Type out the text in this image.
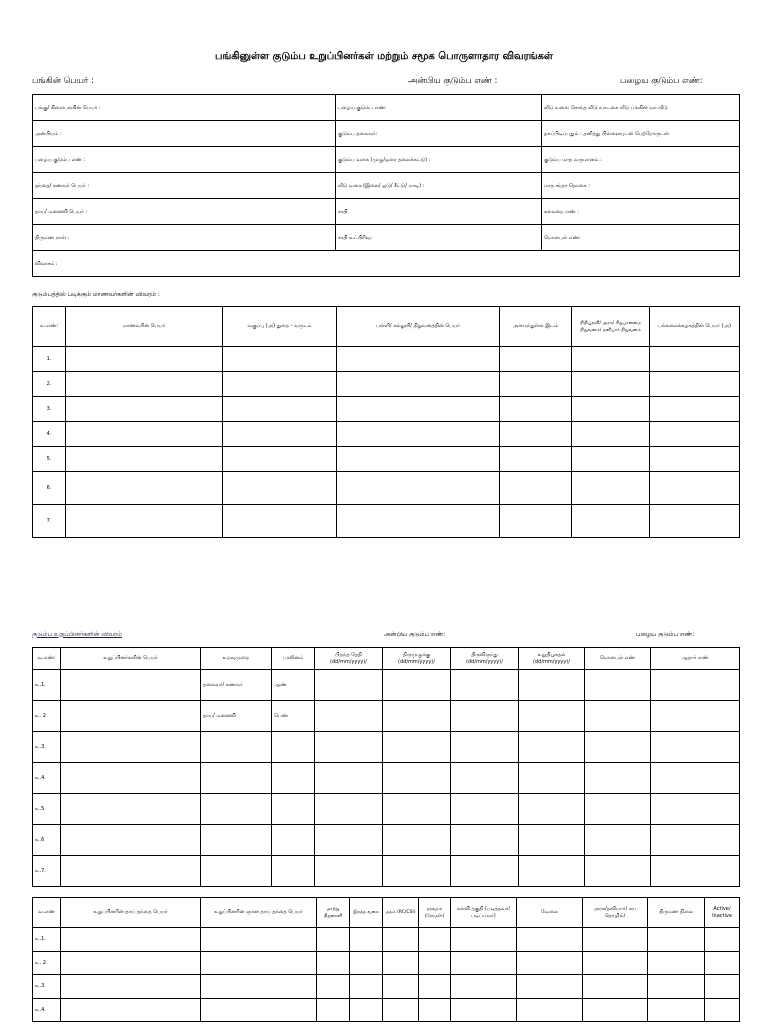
பங்கினுள்ள குடும்ப உறுப்பினர்கள் மற்றும் சமூக பொருளாதார விவரங்கள்
பங்கின் பெயர் :	அன்பிய குடும்ப எண் :	பழைய குடும்ப எண்:
பங்கு/ கிளைபங்கின் பெயர் :	பழைய குடும்ப எண்:	வீடு வகை: சொந்த வீடு வாடகை வீடு பங்கின் வா.வீடு
அன்பியம் :	குடும்ப தலைவர்:	தகப்பிடிப்பதும் : தனித்து பிள்ளையுடன் பெற்றோருடன்
பழைய குடும்ப எண் :	குடும்ப வகை (முழு/ஒரை தலைக்கட்டு) :	குடும்ப மாத வருமானம் :
தந்தை/ கணவர் பெயர் :	வீடு வகை (இலை/ ஓடு/ சீட்டு/ மாடி) :	மாத சந்தா தொகை :
தாய்/ மனைவி பெயர் :	சாதி	கல்லறை எண் :
திருமண நாள் :	சாதி உட்பிரிவு:	மொபைல் எண்:
விலாசம் :		
குடும்பத்தில் படிக்கும் மாணவர்களின் விவரம் :
வ.எண்:	மாணவரின் பெயர்	வகுப்பு (அ) துறை - வருடம்	பள்ளி/ கல்லூரி/ நிறுவனத்தின் பெயர்	அமைந்துள்ள இடம்	நிதியுதவி/ அரசு/ சிறுபான்மை நிறுவனம்/ தனியார் நிறுவனம்	பல்கலைக்கழகத்தின் பெயர் (அ)
1.						
2.						
3.						
4.						
5.						
6.						
7.						
குடும்ப உறுப்பினர்களின் விவரம்	அன்பிய குடும்ப எண்:	பழைய குடும்ப எண்:
வ.எண்:	உறுப்பினர்களின் பெயர்	உறவுமுறை	பாலினம்	பிறந்த தேதி (dd/mm/yyyy)/	திருமுழுக்கு (dd/mm/yyyy)/	திருவிருந்து (dd/mm/yyyy)/	உறுதிபூசுதல் (dd/mm/yyyy)/	மொபைல் எண்	ஆதார் எண்
உ.1.		தலைவர்/ கணவர்	ஆண்						
உ. 2		தாய்/ மனைவி	பெண்						
உ.3.									
உ.4.									
உ.5.									
உ.6									
உ.7.									
வ.எண்	உறுப்பினரின் தாய் தந்தை பெயர்	உறுப்பினரின் ஞான தாய் தந்தை பெயர்	மாற்று திறனாளி	இரத்த வகை	மதம் (RC/CSI)	தரவரம் (ரோம/ஈ)	கல்வி தகுதி (படித்தவர்/ படிப்பவர்)	வேலை	அரசு/தனியார்/ சுய தொழில்/	திருமண நிலை	Active/ Inactive
உ.1.											
உ. 2.											
உ.3.											
உ.4.											
